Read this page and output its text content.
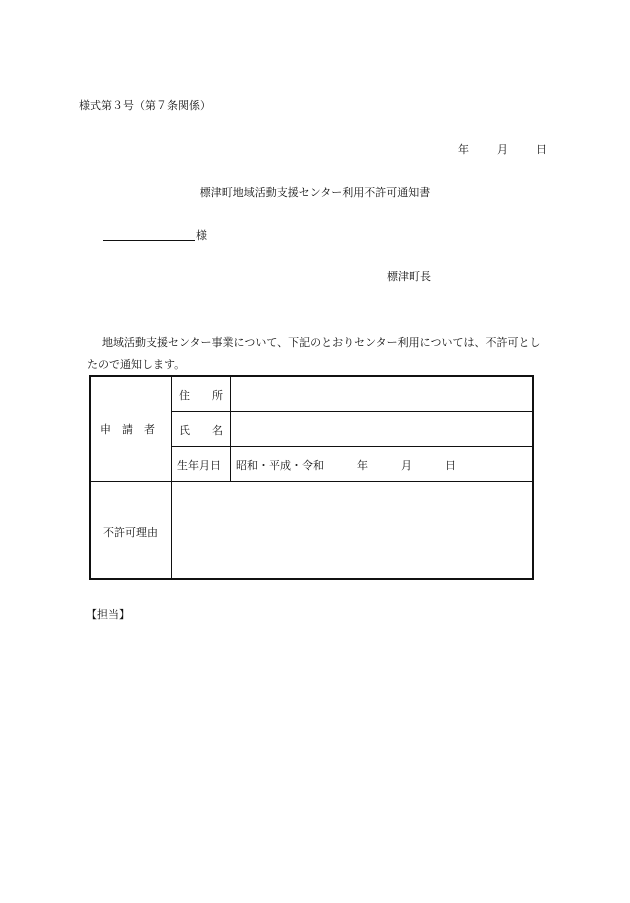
様式第３号（第７条関係）
年	月	日
標津町地域活動支援センター利用不許可通知書
様
標津町長
地域活動支援センター事業について、下記のとおりセンター利用については、不許可としたので通知します。
申　請　者
住　　所
氏　　名
生年月日 昭和・平成・令和　　　年　　　月　　　日
不許可理由
【担当】
